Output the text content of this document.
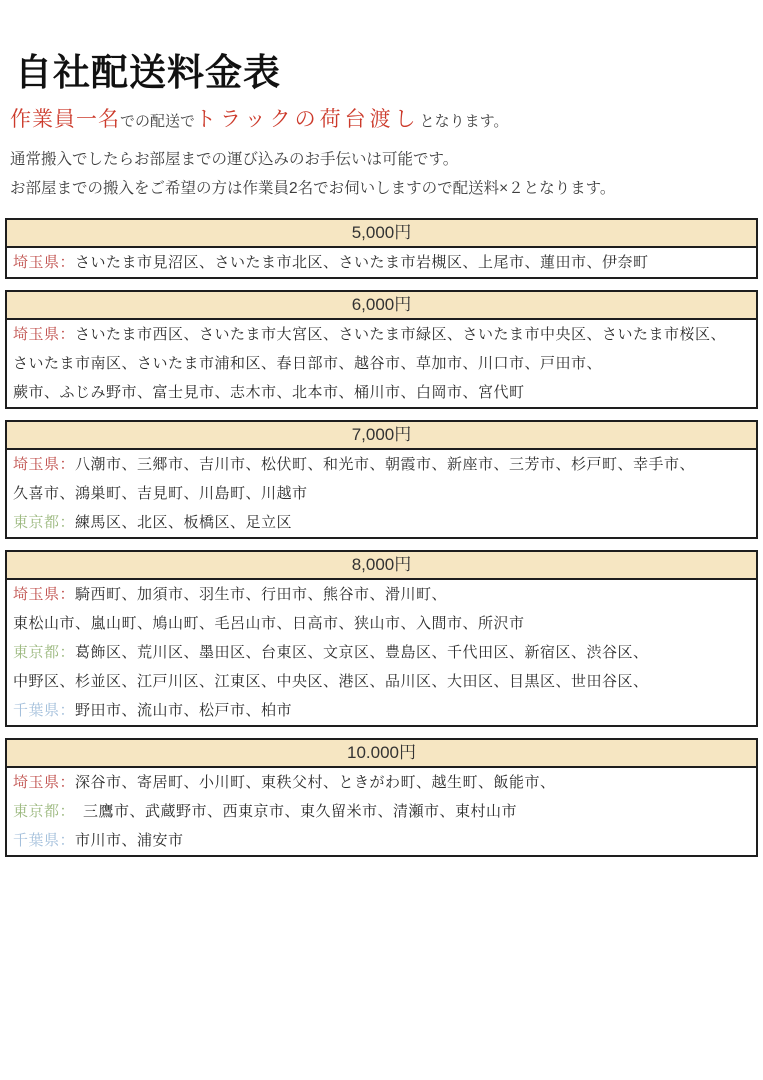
自社配送料金表

作業員一名での配送でトラックの荷台渡しとなります。

通常搬入でしたらお部屋までの運び込みのお手伝いは可能です。

お部屋までの搬入をご希望の方は作業員2名でお伺いしますので配送料×２となります。

5,000円
埼玉県：さいたま市見沼区、さいたま市北区、さいたま市岩槻区、上尾市、蓮田市、伊奈町
6,000円
埼玉県：さいたま市西区、さいたま市大宮区、さいたま市緑区、さいたま市中央区、さいたま市桜区、
さいたま市南区、さいたま市浦和区、春日部市、越谷市、草加市、川口市、戸田市、
蕨市、ふじみ野市、富士見市、志木市、北本市、桶川市、白岡市、宮代町
7,000円
埼玉県：八潮市、三郷市、吉川市、松伏町、和光市、朝霞市、新座市、三芳市、杉戸町、幸手市、
久喜市、鴻巣町、吉見町、川島町、川越市
東京都：練馬区、北区、板橋区、足立区
8,000円
埼玉県：騎西町、加須市、羽生市、行田市、熊谷市、滑川町、
東松山市、嵐山町、鳩山町、毛呂山市、日高市、狭山市、入間市、所沢市
東京都：葛飾区、荒川区、墨田区、台東区、文京区、豊島区、千代田区、新宿区、渋谷区、
中野区、杉並区、江戸川区、江東区、中央区、港区、品川区、大田区、目黒区、世田谷区、
千葉県：野田市、流山市、松戸市、柏市
10.000円
埼玉県：深谷市、寄居町、小川町、東秩父村、ときがわ町、越生町、飯能市、
東京都：　三鷹市、武蔵野市、西東京市、東久留米市、清瀬市、東村山市
千葉県：市川市、浦安市
